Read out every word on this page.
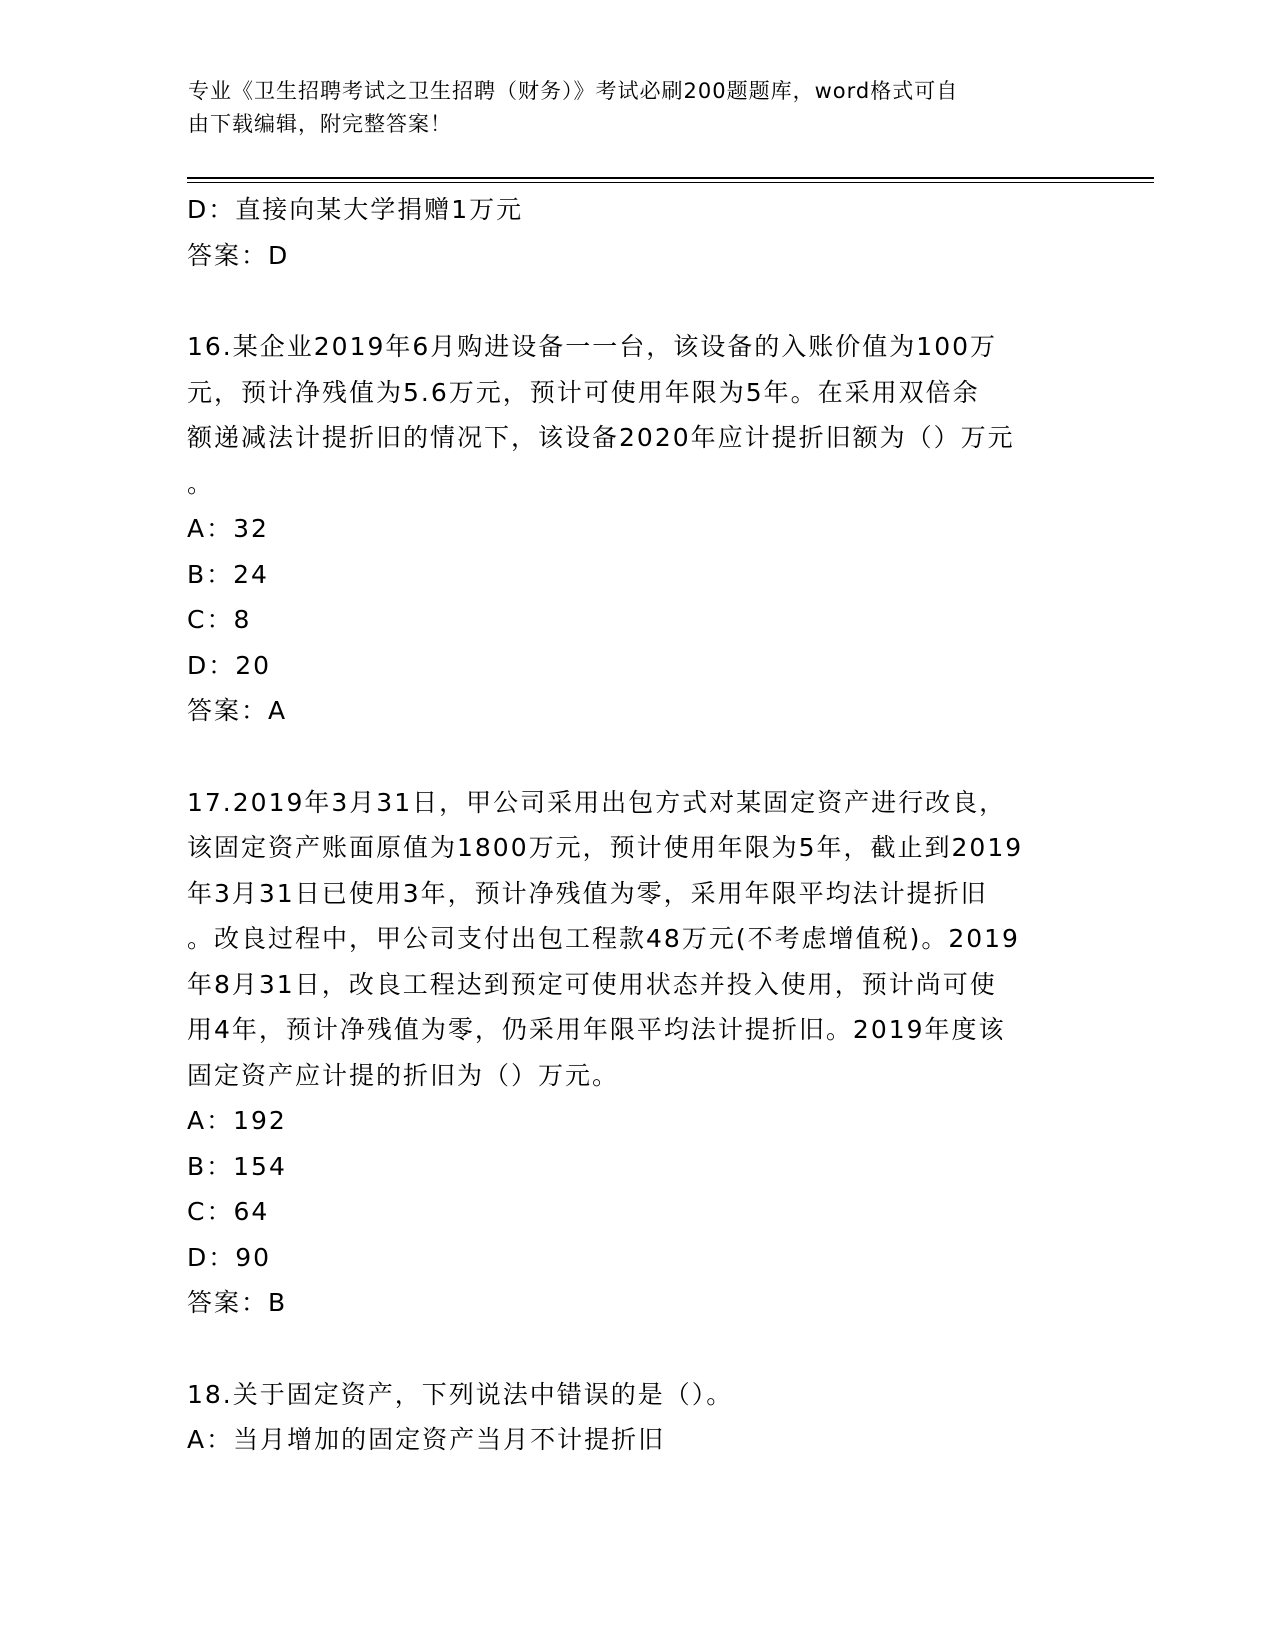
专业《卫生招聘考试之卫生招聘（财务）》考试必刷200题题库，word格式可自
由下载编辑，附完整答案！
D：直接向某大学捐赠1万元
答案：D
16.某企业2019年6月购进设备一一台，该设备的入账价值为100万
元，预计净残值为5.6万元，预计可使用年限为5年。在采用双倍余
额递减法计提折旧的情况下，该设备2020年应计提折旧额为（）万元
。
A：32
B：24
C：8
D：20
答案：A
17.2019年3月31日，甲公司采用出包方式对某固定资产进行改良，
该固定资产账面原值为1800万元，预计使用年限为5年，截止到2019
年3月31日已使用3年，预计净残值为零，采用年限平均法计提折旧
。改良过程中，甲公司支付出包工程款48万元(不考虑增值税)。2019
年8月31日，改良工程达到预定可使用状态并投入使用，预计尚可使
用4年，预计净残值为零，仍采用年限平均法计提折旧。2019年度该
固定资产应计提的折旧为（）万元。
A：192
B：154
C：64
D：90
答案：B
18.关于固定资产，下列说法中错误的是（）。
A：当月增加的固定资产当月不计提折旧
